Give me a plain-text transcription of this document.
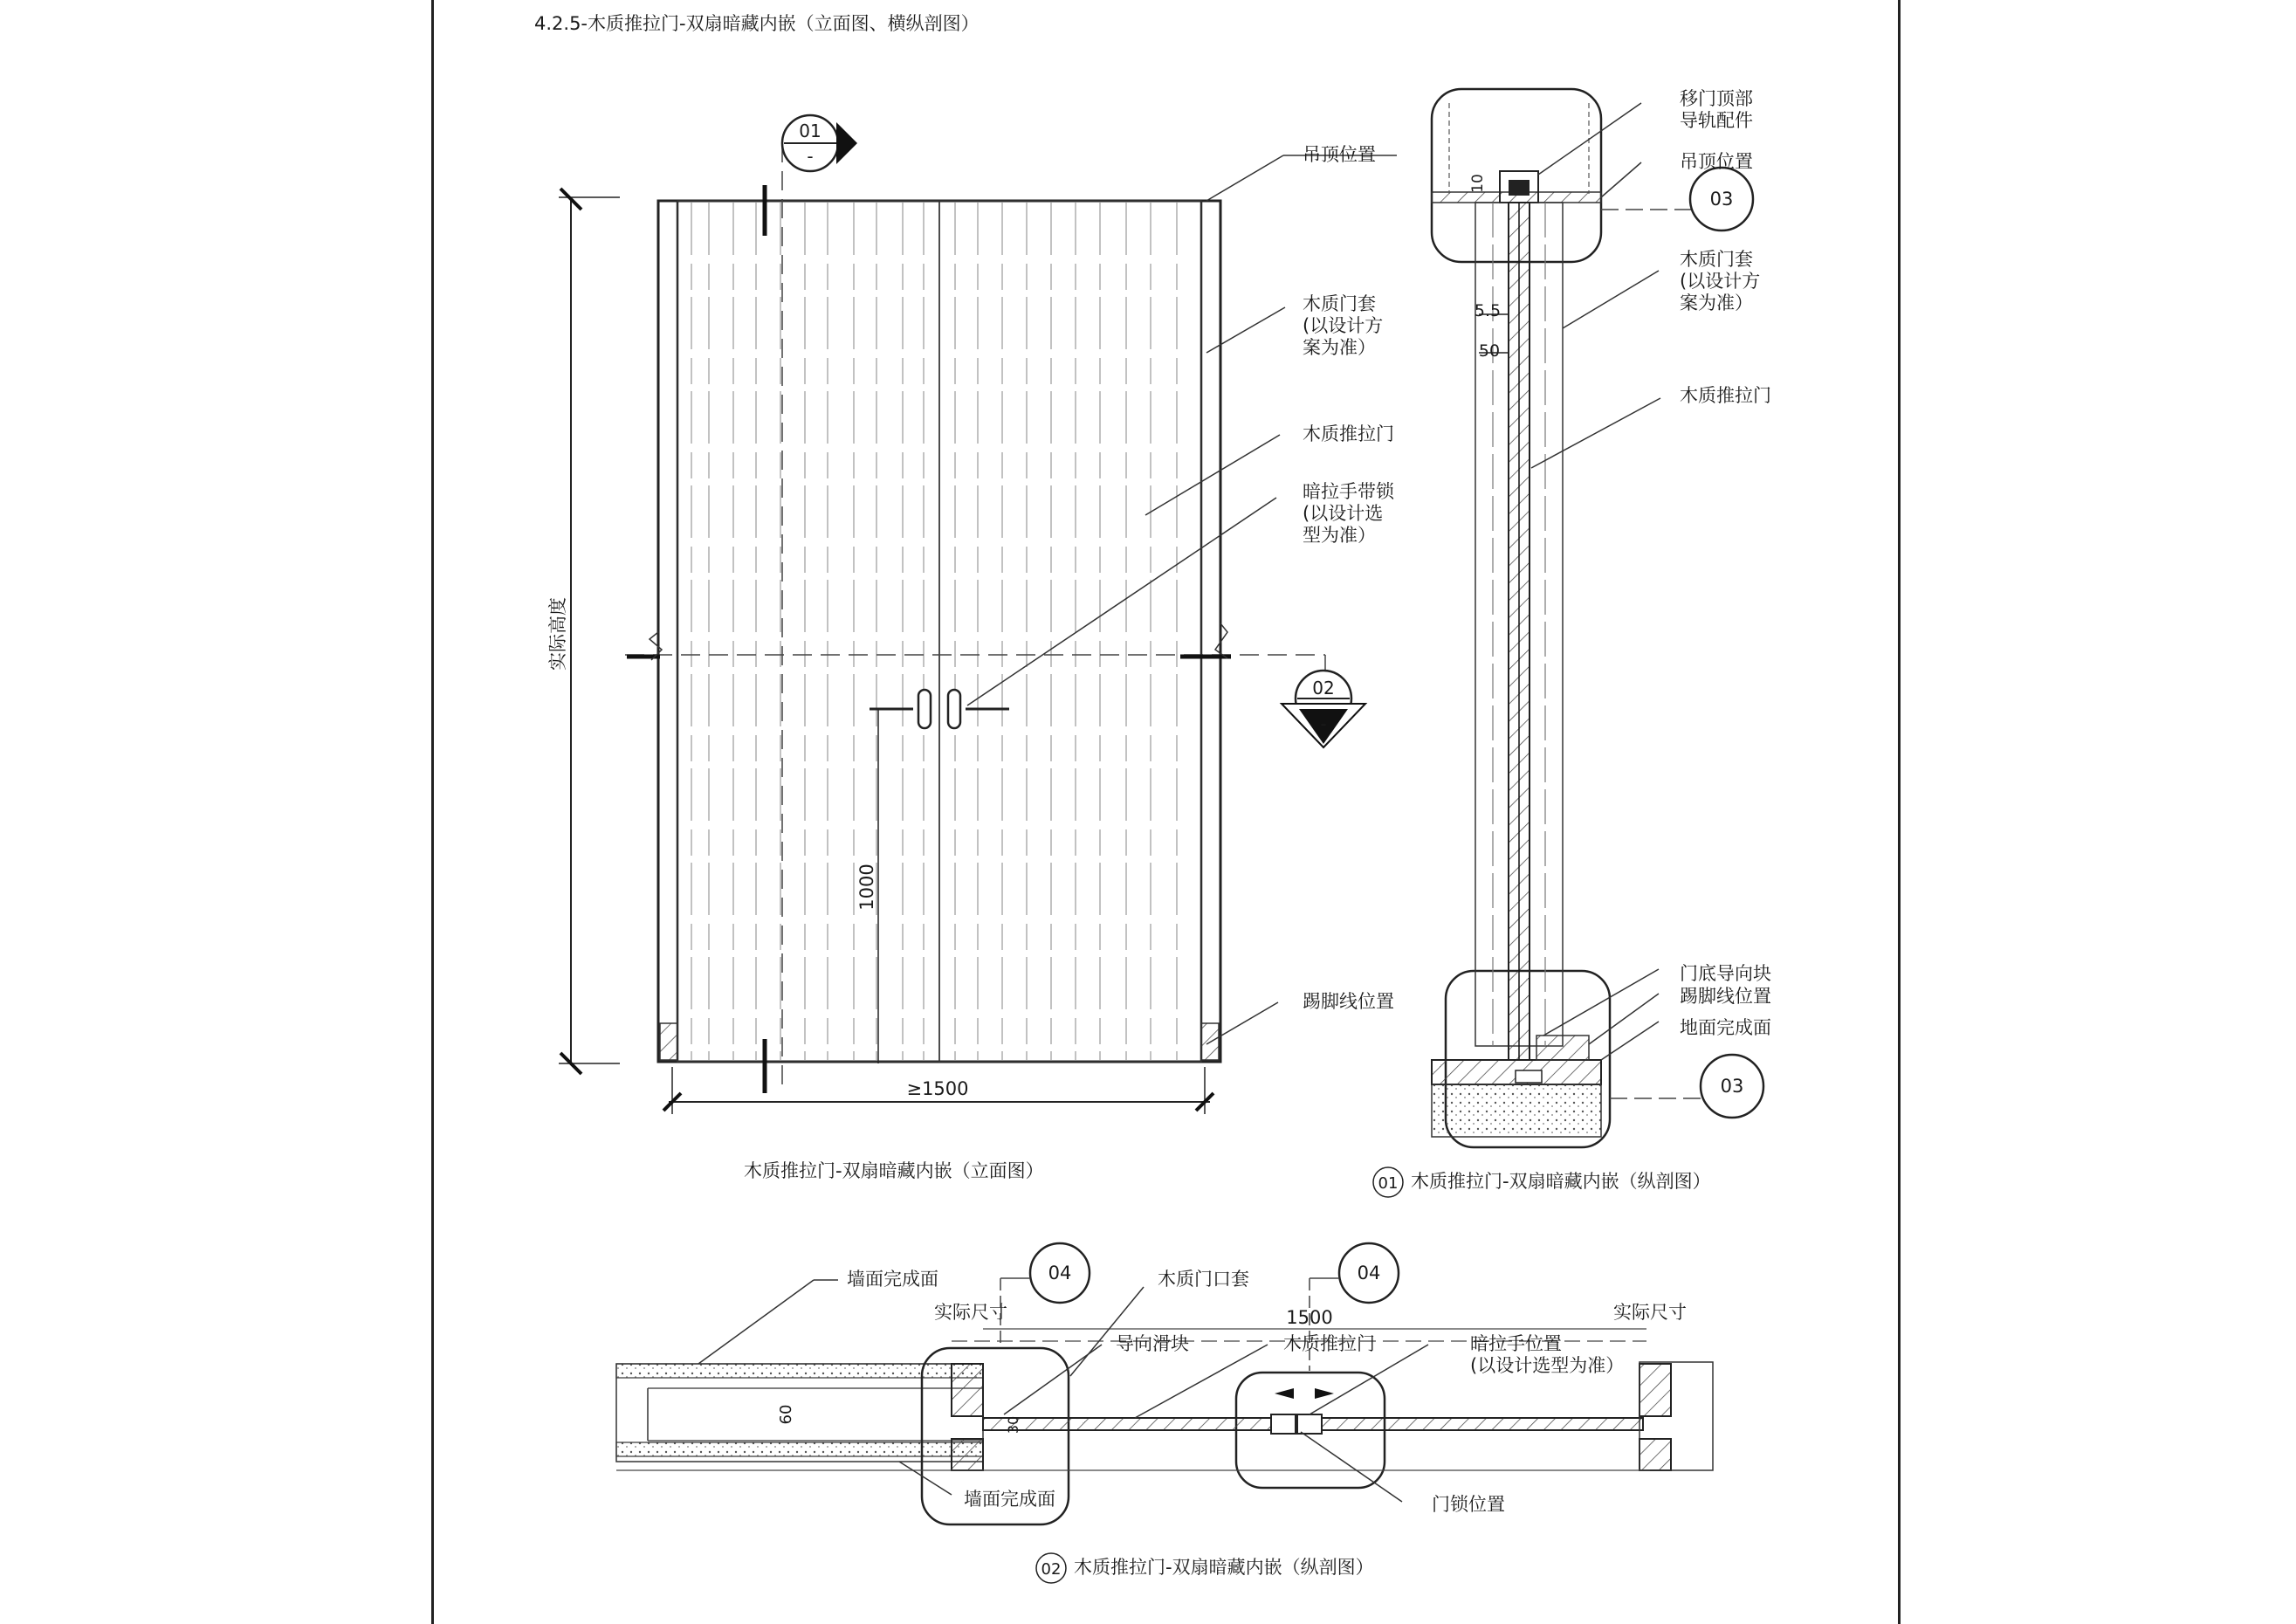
4.2.5-木质推拉门-双扇暗藏内嵌（立面图、横纵剖图）
01
-
02
-
实际高度
1000
≥1500
吊顶位置
木质门套
(以设计方
案为准）
木质推拉门
暗拉手带锁
(以设计选
型为准）
踢脚线位置
木质推拉门-双扇暗藏内嵌（立面图）
5.5
50
10
03
03
移门顶部
导轨配件
吊顶位置
木质门套
(以设计方
案为准）
木质推拉门
门底导向块
踢脚线位置
地面完成面
01 木质推拉门-双扇暗藏内嵌（纵剖图）
1500
实际尺寸	实际尺寸
60
30
04	04
墙面完成面	木质门口套
导向滑块	木质推拉门	暗拉手位置
(以设计选型为准）
墙面完成面	门锁位置
02 木质推拉门-双扇暗藏内嵌（纵剖图）
